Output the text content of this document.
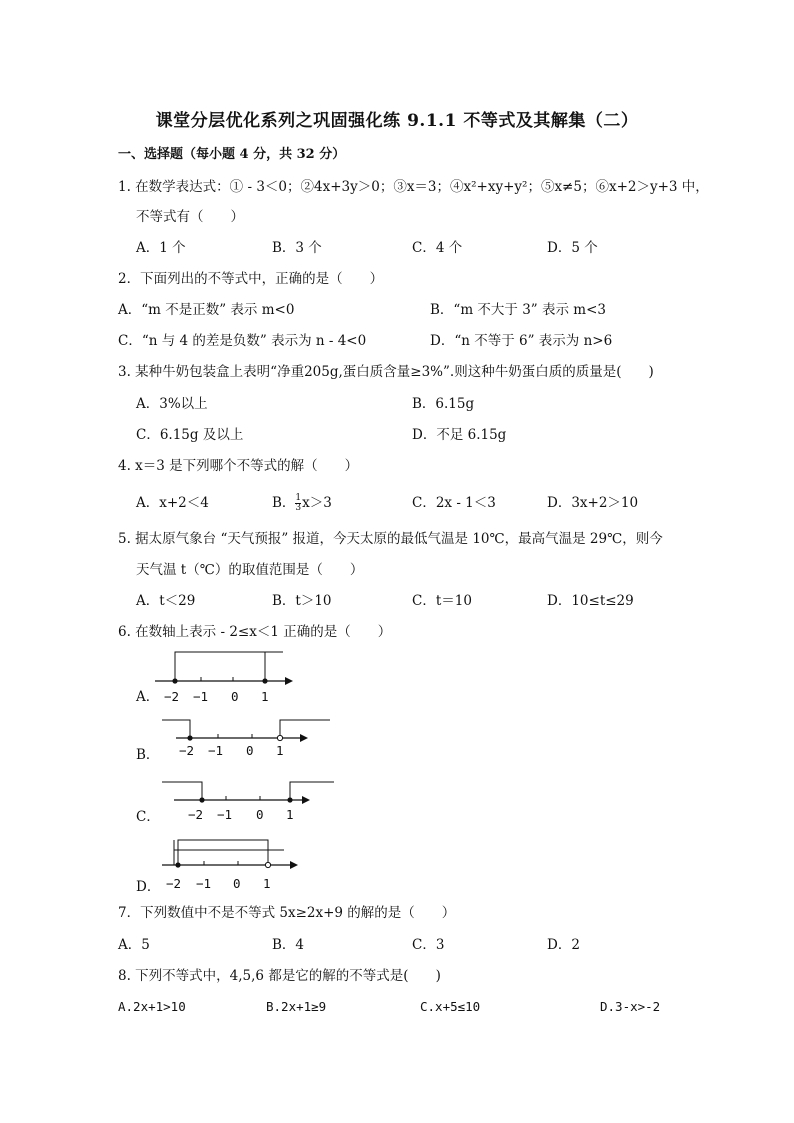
课堂分层优化系列之巩固强化练 9.1.1 不等式及其解集（二）
一、选择题（每小题 4 分，共 32 分）
1. 在数学表达式：① - 3＜0；②4x+3y＞0；③x＝3；④x²+xy+y²；⑤x≠5；⑥x+2＞y+3 中，
不等式有（　　）
A．1 个	B．3 个	C．4 个	D．5 个
2．下面列出的不等式中，正确的是（　　）
A．“m 不是正数” 表示 m<0	B．“m 不大于 3” 表示 m<3
C．“n 与 4 的差是负数” 表示为 n - 4<0	D．“n 不等于 6” 表示为 n>6
3. 某种牛奶包装盒上表明“净重205g,蛋白质含量≥3%”.则这种牛奶蛋白质的质量是(　　)
A．3%以上	B．6.15g
C．6.15g 及以上	D．不足 6.15g
4. x＝3 是下列哪个不等式的解（　　）
A．x+2＜4	B． $\frac{1}{3} x>3$	C．2x - 1＜3	D．3x+2＞10
5. 据太原气象台 “天气预报” 报道，今天太原的最低气温是 10℃，最高气温是 29℃，则今
天气温 t（℃）的取值范围是（　　）
A．t＜29	B．t＞10	C．t＝10	D．10≤t≤29
6. 在数轴上表示 - 2≤x＜1 正确的是（　　）
A． −2 −1 0 1
B． −2 −1 0 1
C． −2 −1 0 1
D． −2 −1 0 1
7．下列数值中不是不等式 5x≥2x+9 的解的是（　　）
A．5	B．4	C．3	D．2
8. 下列不等式中，4,5,6 都是它的解的不等式是(　　)
A.2x+1>10	B.2x+1≥9	C.x+5≤10	D.3-x>-2
